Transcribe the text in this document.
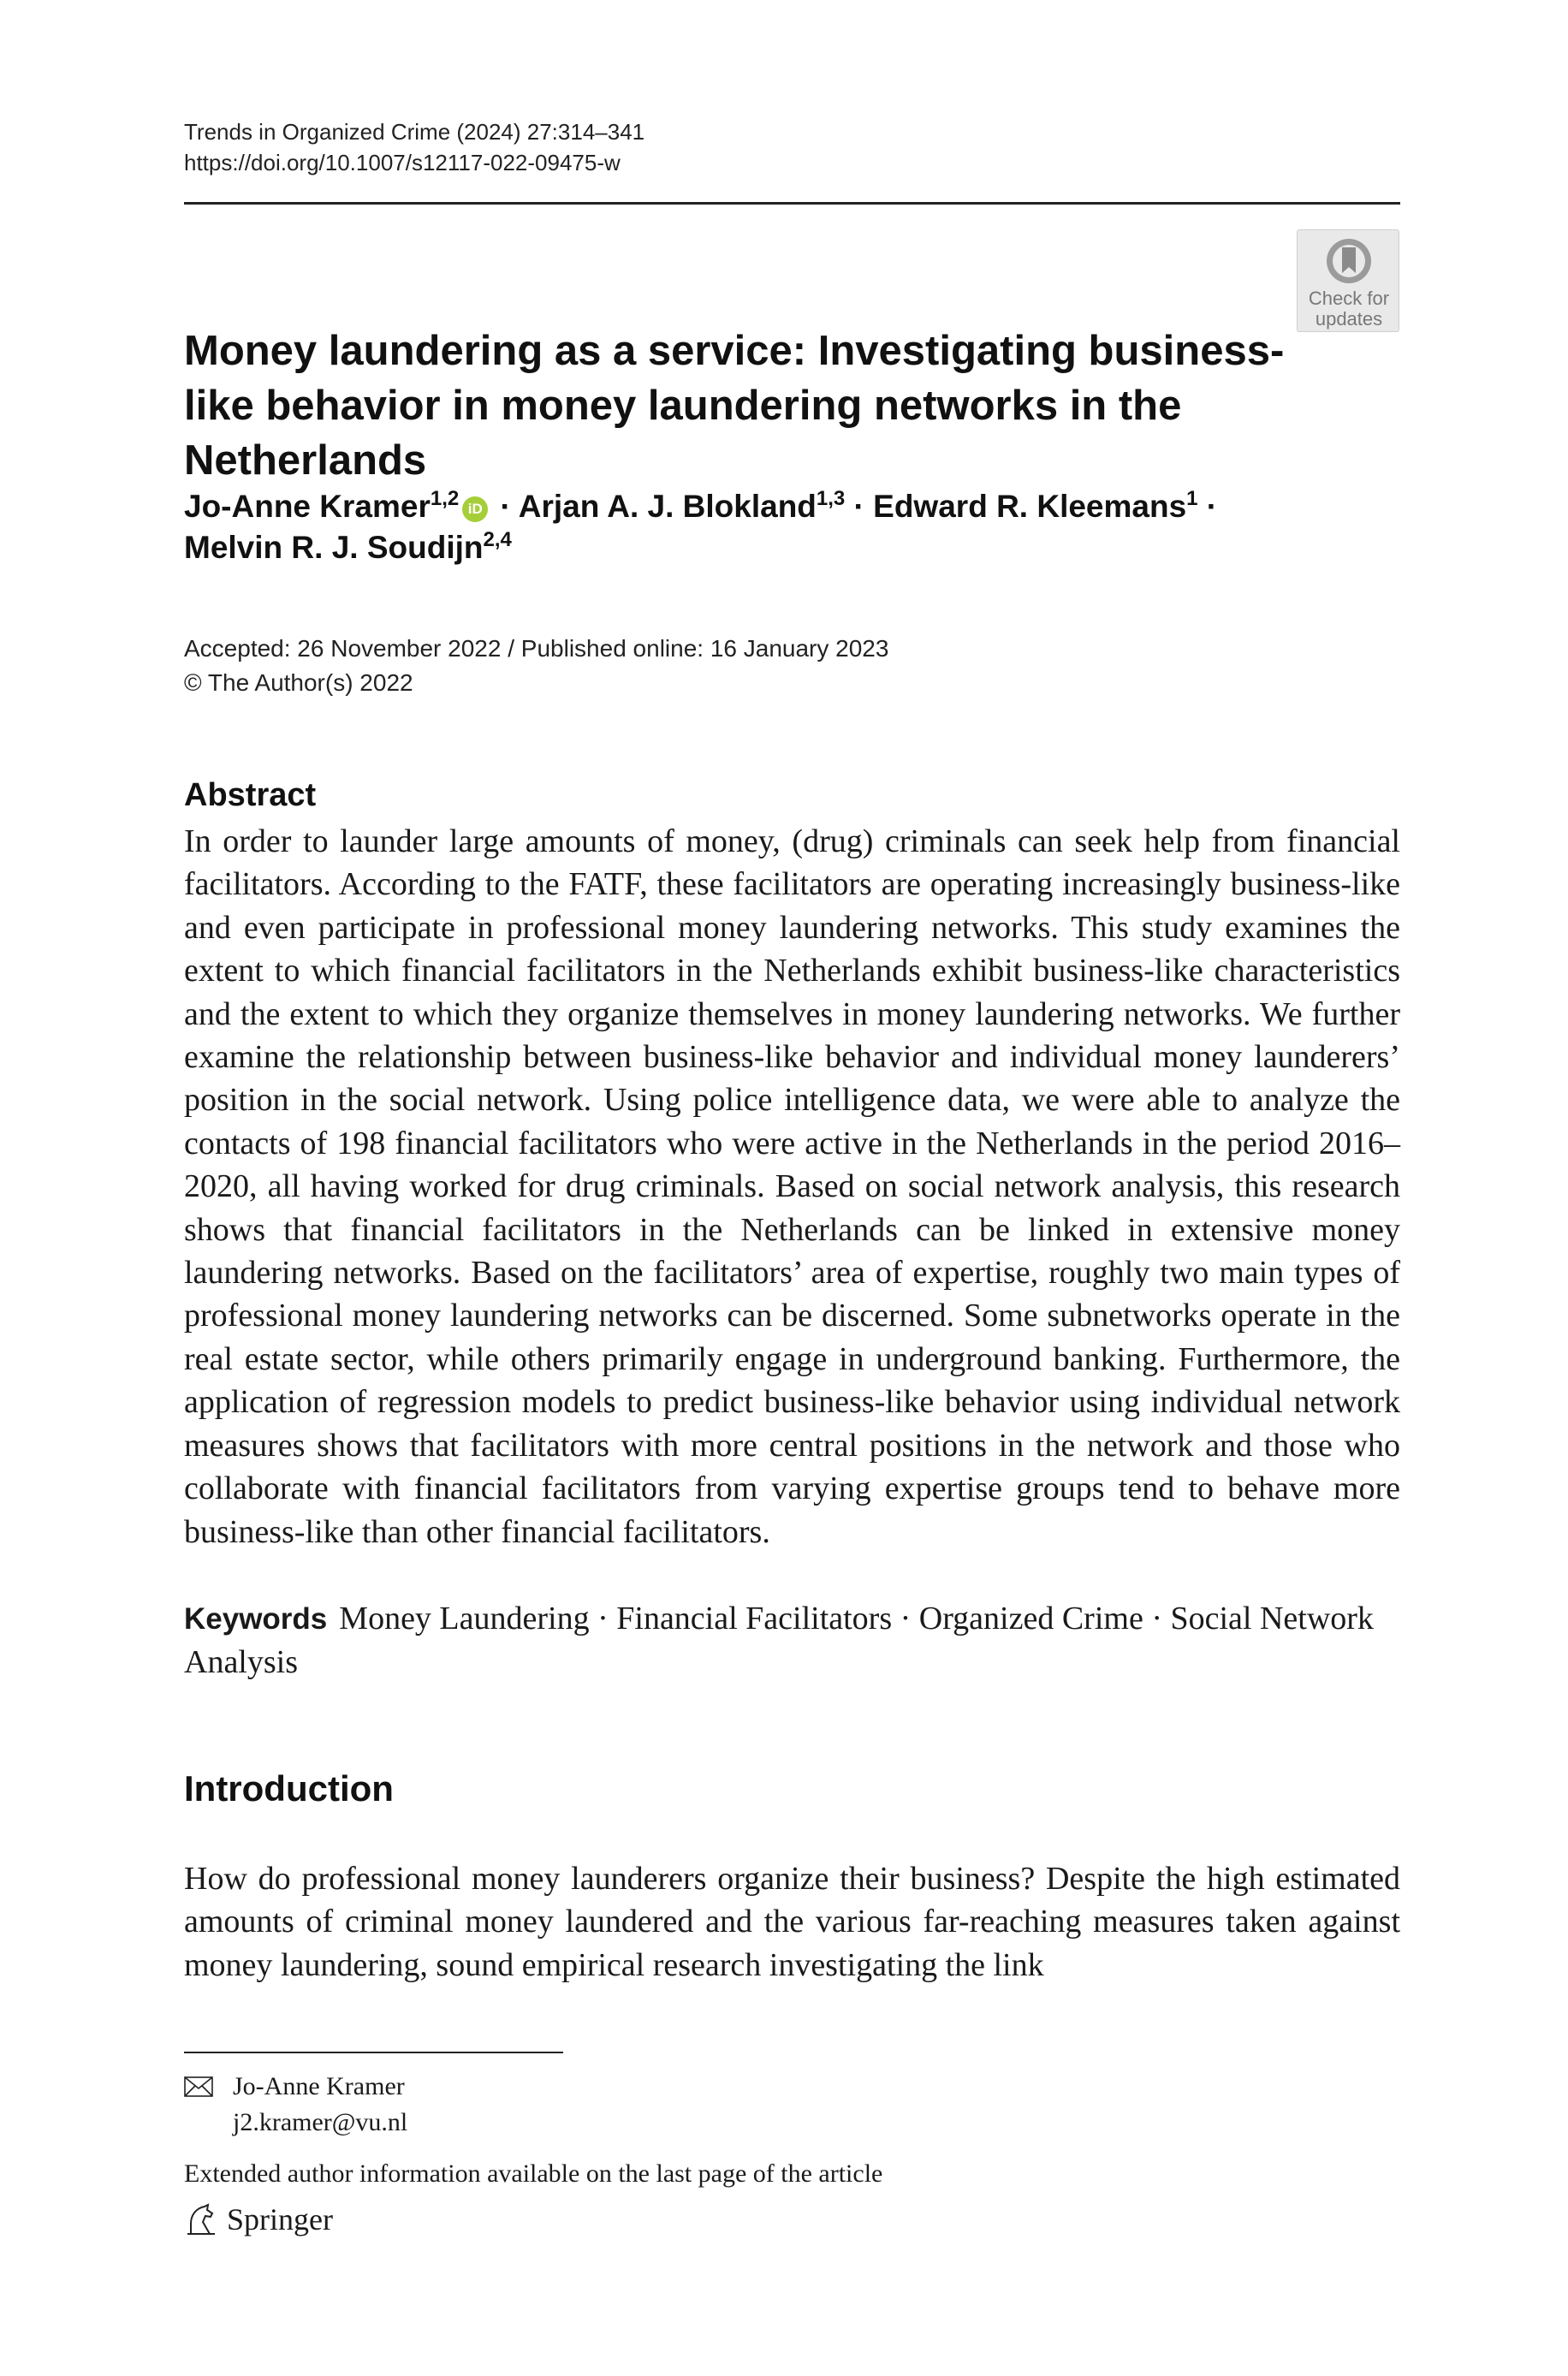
Trends in Organized Crime (2024) 27:314–341
https://doi.org/10.1007/s12117-022-09475-w
Check for
updates
Money laundering as a service: Investigating business-like behavior in money laundering networks in the Netherlands
Jo-Anne Kramer$^{1,2}$ iD · Arjan A. J. Blokland$^{1,3}$ · Edward R. Kleemans$^1$ ·
Melvin R. J. Soudijn$^{2,4}$
Accepted: 26 November 2022 / Published online: 16 January 2023
© The Author(s) 2022
Abstract

In order to launder large amounts of money, (drug) criminals can seek help from financial facilitators. According to the FATF, these facilitators are operating increasingly business-like and even participate in professional money laundering networks. This study examines the extent to which financial facilitators in the Netherlands exhibit business-like characteristics and the extent to which they organize themselves in money laundering networks. We further examine the relationship between business-like behavior and individual money launderers’ position in the social network. Using police intelligence data, we were able to analyze the contacts of 198 financial facilitators who were active in the Netherlands in the period 2016–2020, all having worked for drug criminals. Based on social network analysis, this research shows that financial facilitators in the Netherlands can be linked in extensive money laundering networks. Based on the facilitators’ area of expertise, roughly two main types of professional money laundering networks can be discerned. Some subnetworks operate in the real estate sector, while others primarily engage in underground banking. Furthermore, the application of regression models to predict business-like behavior using individual network measures shows that facilitators with more central positions in the network and those who collaborate with financial facilitators from varying expertise groups tend to behave more business-like than other financial facilitators.

Keywords Money Laundering · Financial Facilitators · Organized Crime · Social Network Analysis

Introduction

How do professional money launderers organize their business? Despite the high estimated amounts of criminal money laundered and the various far-reaching measures taken against money laundering, sound empirical research investigating the link

Jo-Anne Kramer
j2.kramer@vu.nl
Extended author information available on the last page of the article
Springer
